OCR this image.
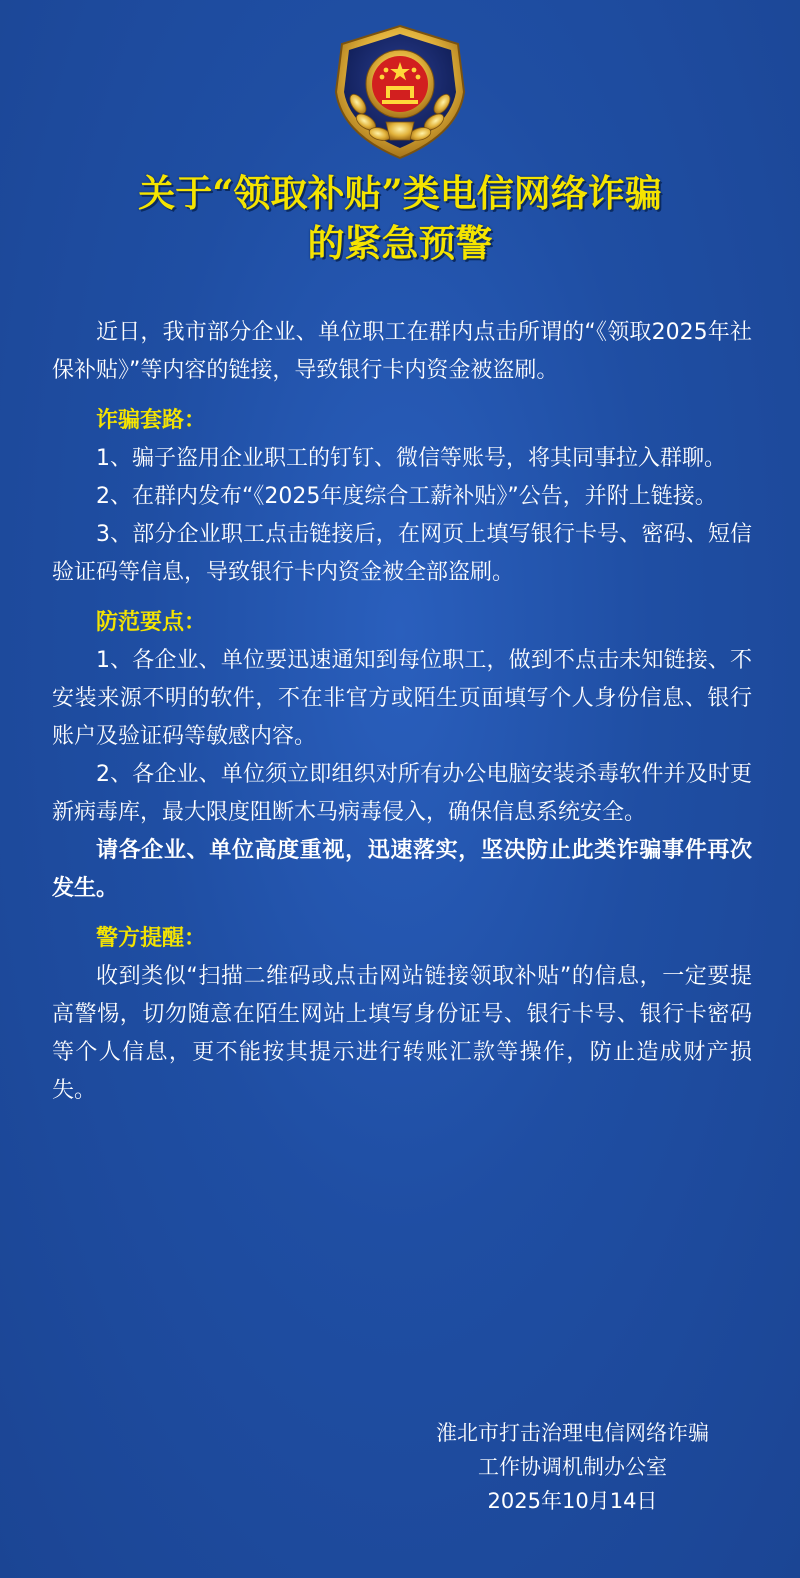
关于“领取补贴”类电信网络诈骗
的紧急预警

近日，我市部分企业、单位职工在群内点击所谓的“《领取2025年社保补贴》”等内容的链接，导致银行卡内资金被盗刷。

诈骗套路：

1、骗子盗用企业职工的钉钉、微信等账号，将其同事拉入群聊。

2、在群内发布“《2025年度综合工薪补贴》”公告，并附上链接。

3、部分企业职工点击链接后，在网页上填写银行卡号、密码、短信验证码等信息，导致银行卡内资金被全部盗刷。

防范要点：

1、各企业、单位要迅速通知到每位职工，做到不点击未知链接、不安装来源不明的软件，不在非官方或陌生页面填写个人身份信息、银行账户及验证码等敏感内容。

2、各企业、单位须立即组织对所有办公电脑安装杀毒软件并及时更新病毒库，最大限度阻断木马病毒侵入，确保信息系统安全。

请各企业、单位高度重视，迅速落实，坚决防止此类诈骗事件再次发生。

警方提醒：

收到类似“扫描二维码或点击网站链接领取补贴”的信息，一定要提高警惕，切勿随意在陌生网站上填写身份证号、银行卡号、银行卡密码等个人信息，更不能按其提示进行转账汇款等操作，防止造成财产损失。

淮北市打击治理电信网络诈骗
工作协调机制办公室
2025年10月14日
